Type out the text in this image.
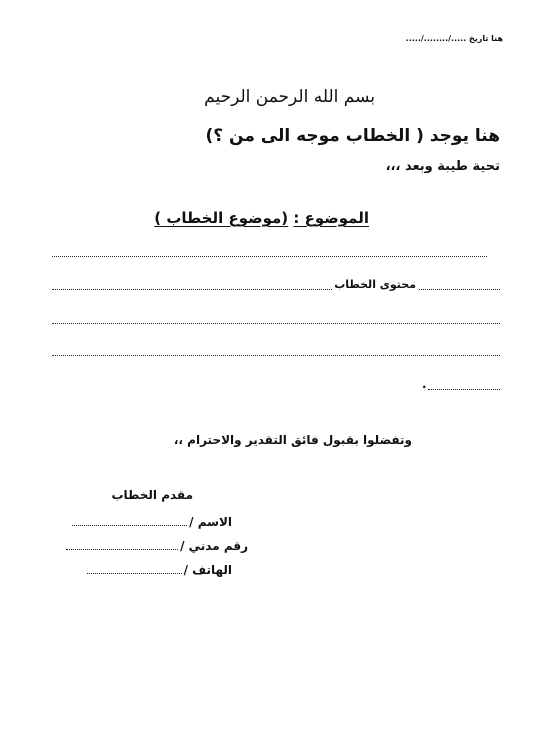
هنا تاريخ ...../......../.....
بسم الله الرحمن الرحيم
هنا يوجد ( الخطاب موجه الى من ؟)
تحية طيبة وبعد ،،،
الموضوع : (موضوع الخطاب )
محتوى الخطاب
.
وتفضلوا بقبول فائق التقدير والاحترام ،،
مقدم الخطاب
الاسم /
رقم مدني /
الهاتف /
